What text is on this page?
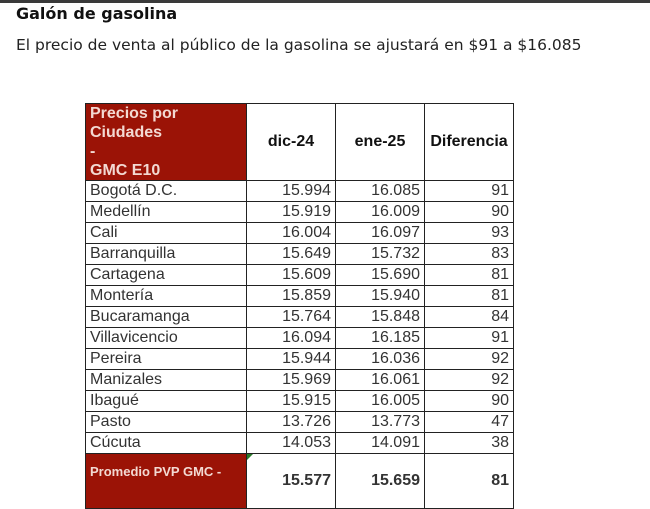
Galón de gasolina
El precio de venta al público de la gasolina se ajustará en $91 a $16.085
Precios por Ciudades
-
GMC E10	dic-24	ene-25	Diferencia
Bogotá D.C.	15.994	16.085	91
Medellín	15.919	16.009	90
Cali	16.004	16.097	93
Barranquilla	15.649	15.732	83
Cartagena	15.609	15.690	81
Montería	15.859	15.940	81
Bucaramanga	15.764	15.848	84
Villavicencio	16.094	16.185	91
Pereira	15.944	16.036	92
Manizales	15.969	16.061	92
Ibagué	15.915	16.005	90
Pasto	13.726	13.773	47
Cúcuta	14.053	14.091	38
Promedio PVP GMC -	15.577	15.659	81
